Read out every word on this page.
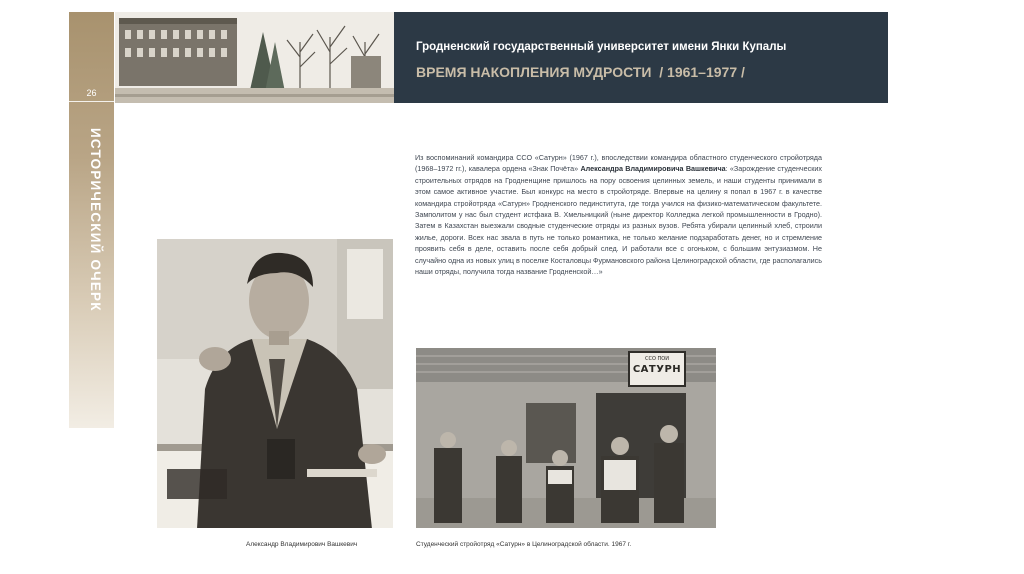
26
ИСТОРИЧЕСКИЙ ОЧЕРК
Гродненский государственный университет имени Янки Купалы
ВРЕМЯ НАКОПЛЕНИЯ МУДРОСТИ / 1961–1977 /
Из воспоминаний командира ССО «Сатурн» (1967 г.), впоследствии командира областного студенческого стройотряда (1968–1972 гг.), кавалера ордена «Знак Почёта» Александра Владимировича Вашкевича: «Зарождение студенческих строительных отрядов на Гродненщине пришлось на пору освоения целинных земель, и наши студенты принимали в этом самое активное участие. Был конкурс на место в стройотряде. Впервые на целину я попал в 1967 г. в качестве командира стройотряда «Сатурн» Гродненского пединститута, где тогда учился на физико-математическом факультете. Замполитом у нас был студент истфака В. Хмельницкий (ныне директор Колледжа легкой промышленности в Гродно). Затем в Казахстан выезжали сводные студенческие отряды из разных вузов. Ребята убирали целинный хлеб, строили жилье, дороги. Всех нас звала в путь не только романтика, не только желание подзаработать денег, но и стремление проявить себя в деле, оставить после себя добрый след. И работали все с огоньком, с большим энтузиазмом. Не случайно одна из новых улиц в поселке Косталовцы Фурмановского района Целиноградской области, где располагались наши отряды, получила тогда название Гродненской…»
ССО ПОИ
САТУРН
Александр Владимирович Вашкевич	Студенческий стройотряд «Сатурн» в Целиноградской области. 1967 г.
